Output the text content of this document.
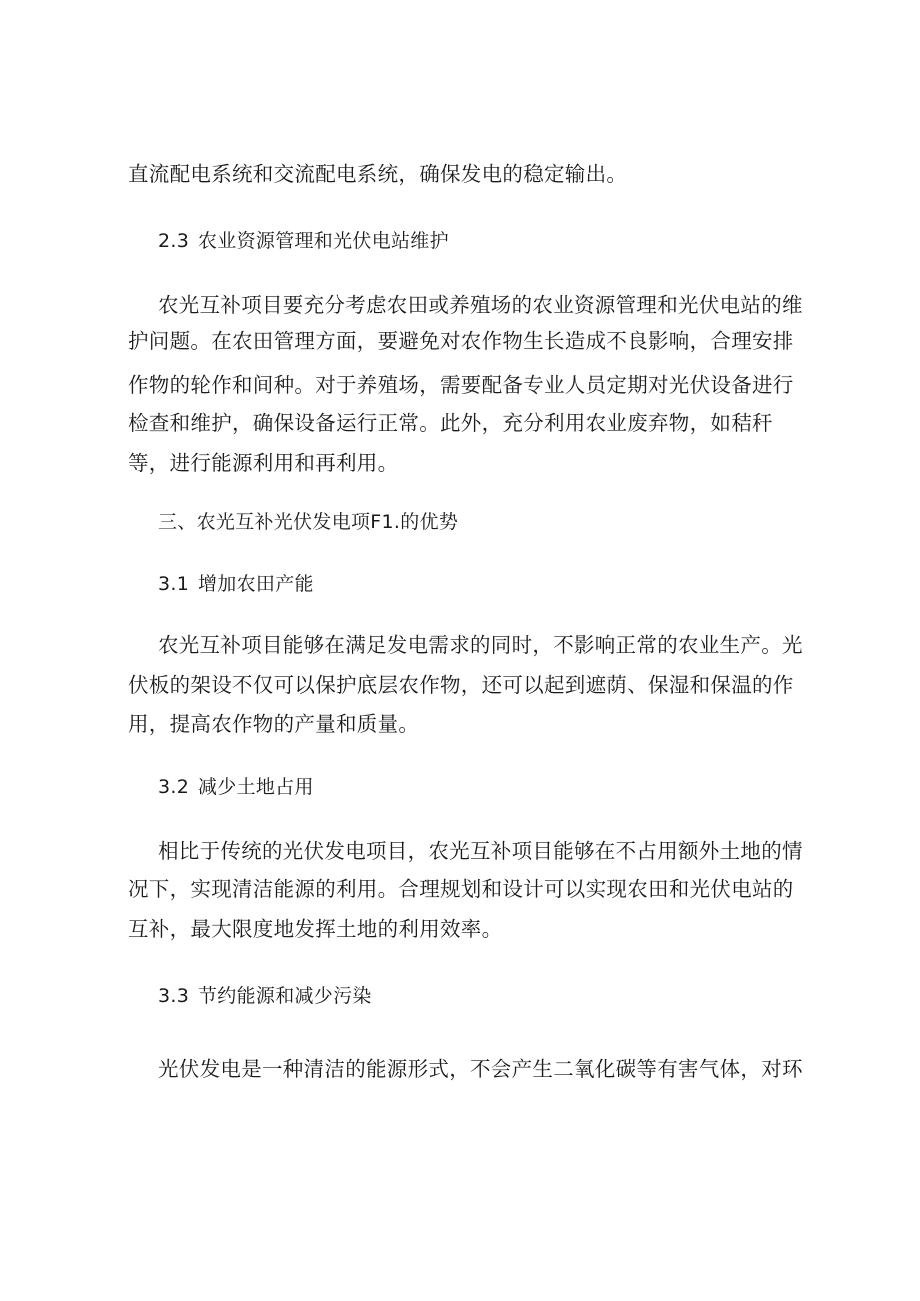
直流配电系统和交流配电系统，确保发电的稳定输出。
2.3 农业资源管理和光伏电站维护
农光互补项目要充分考虑农田或养殖场的农业资源管理和光伏电站的维
护问题。在农田管理方面，要避免对农作物生长造成不良影响，合理安排
作物的轮作和间种。对于养殖场，需要配备专业人员定期对光伏设备进行
检查和维护，确保设备运行正常。此外，充分利用农业废弃物，如秸秆
等，进行能源利用和再利用。
三、农光互补光伏发电项F1.的优势
3.1 增加农田产能
农光互补项目能够在满足发电需求的同时，不影响正常的农业生产。光
伏板的架设不仅可以保护底层农作物，还可以起到遮荫、保湿和保温的作
用，提高农作物的产量和质量。
3.2 减少土地占用
相比于传统的光伏发电项目，农光互补项目能够在不占用额外土地的情
况下，实现清洁能源的利用。合理规划和设计可以实现农田和光伏电站的
互补，最大限度地发挥土地的利用效率。
3.3 节约能源和减少污染
光伏发电是一种清洁的能源形式，不会产生二氧化碳等有害气体，对环
